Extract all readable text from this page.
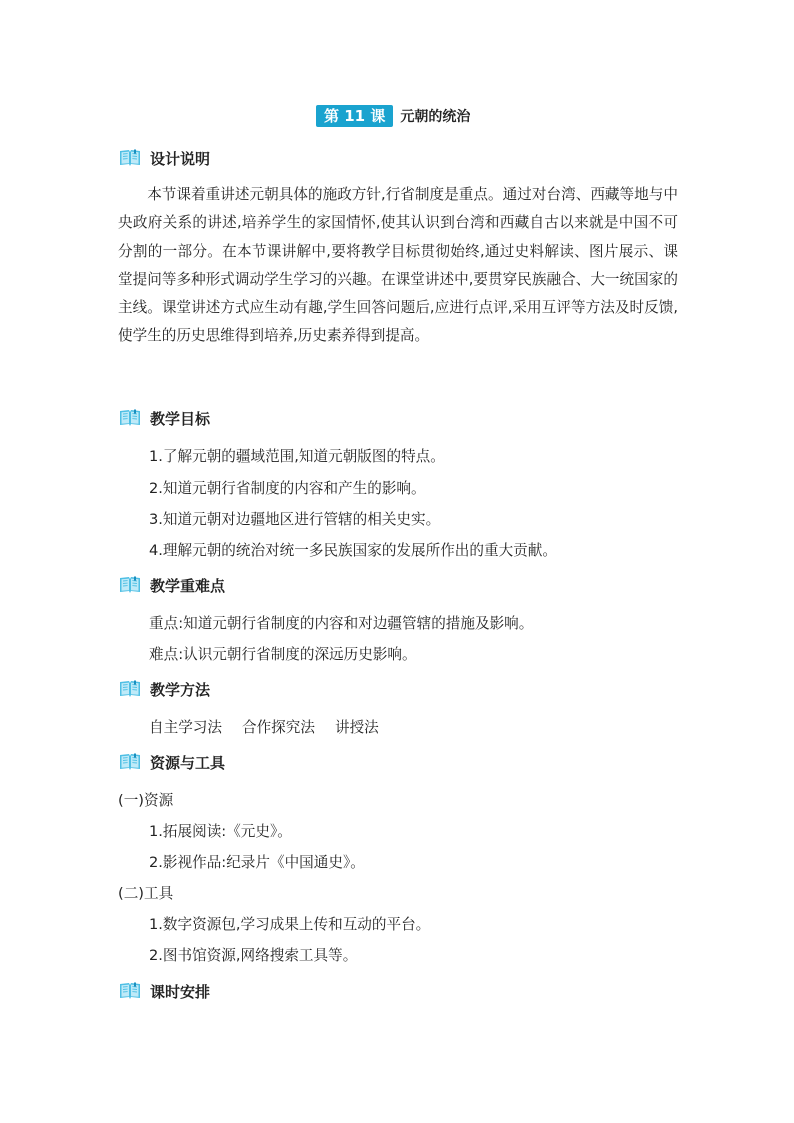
第 11 课	元朝的统治
设计说明

本节课着重讲述元朝具体的施政方针,行省制度是重点。通过对台湾、西藏等地与中央政府关系的讲述,培养学生的家国情怀,使其认识到台湾和西藏自古以来就是中国不可分割的一部分。在本节课讲解中,要将教学目标贯彻始终,通过史料解读、图片展示、课堂提问等多种形式调动学生学习的兴趣。在课堂讲述中,要贯穿民族融合、大一统国家的主线。课堂讲述方式应生动有趣,学生回答问题后,应进行点评,采用互评等方法及时反馈,使学生的历史思维得到培养,历史素养得到提高。

教学目标
1.了解元朝的疆域范围,知道元朝版图的特点。
2.知道元朝行省制度的内容和产生的影响。
3.知道元朝对边疆地区进行管辖的相关史实。
4.理解元朝的统治对统一多民族国家的发展所作出的重大贡献。
教学重难点
重点:知道元朝行省制度的内容和对边疆管辖的措施及影响。
难点:认识元朝行省制度的深远历史影响。
教学方法
自主学习法 合作探究法 讲授法
资源与工具
(一)资源
1.拓展阅读:《元史》。
2.影视作品:纪录片《中国通史》。
(二)工具
1.数字资源包,学习成果上传和互动的平台。
2.图书馆资源,网络搜索工具等。
课时安排
